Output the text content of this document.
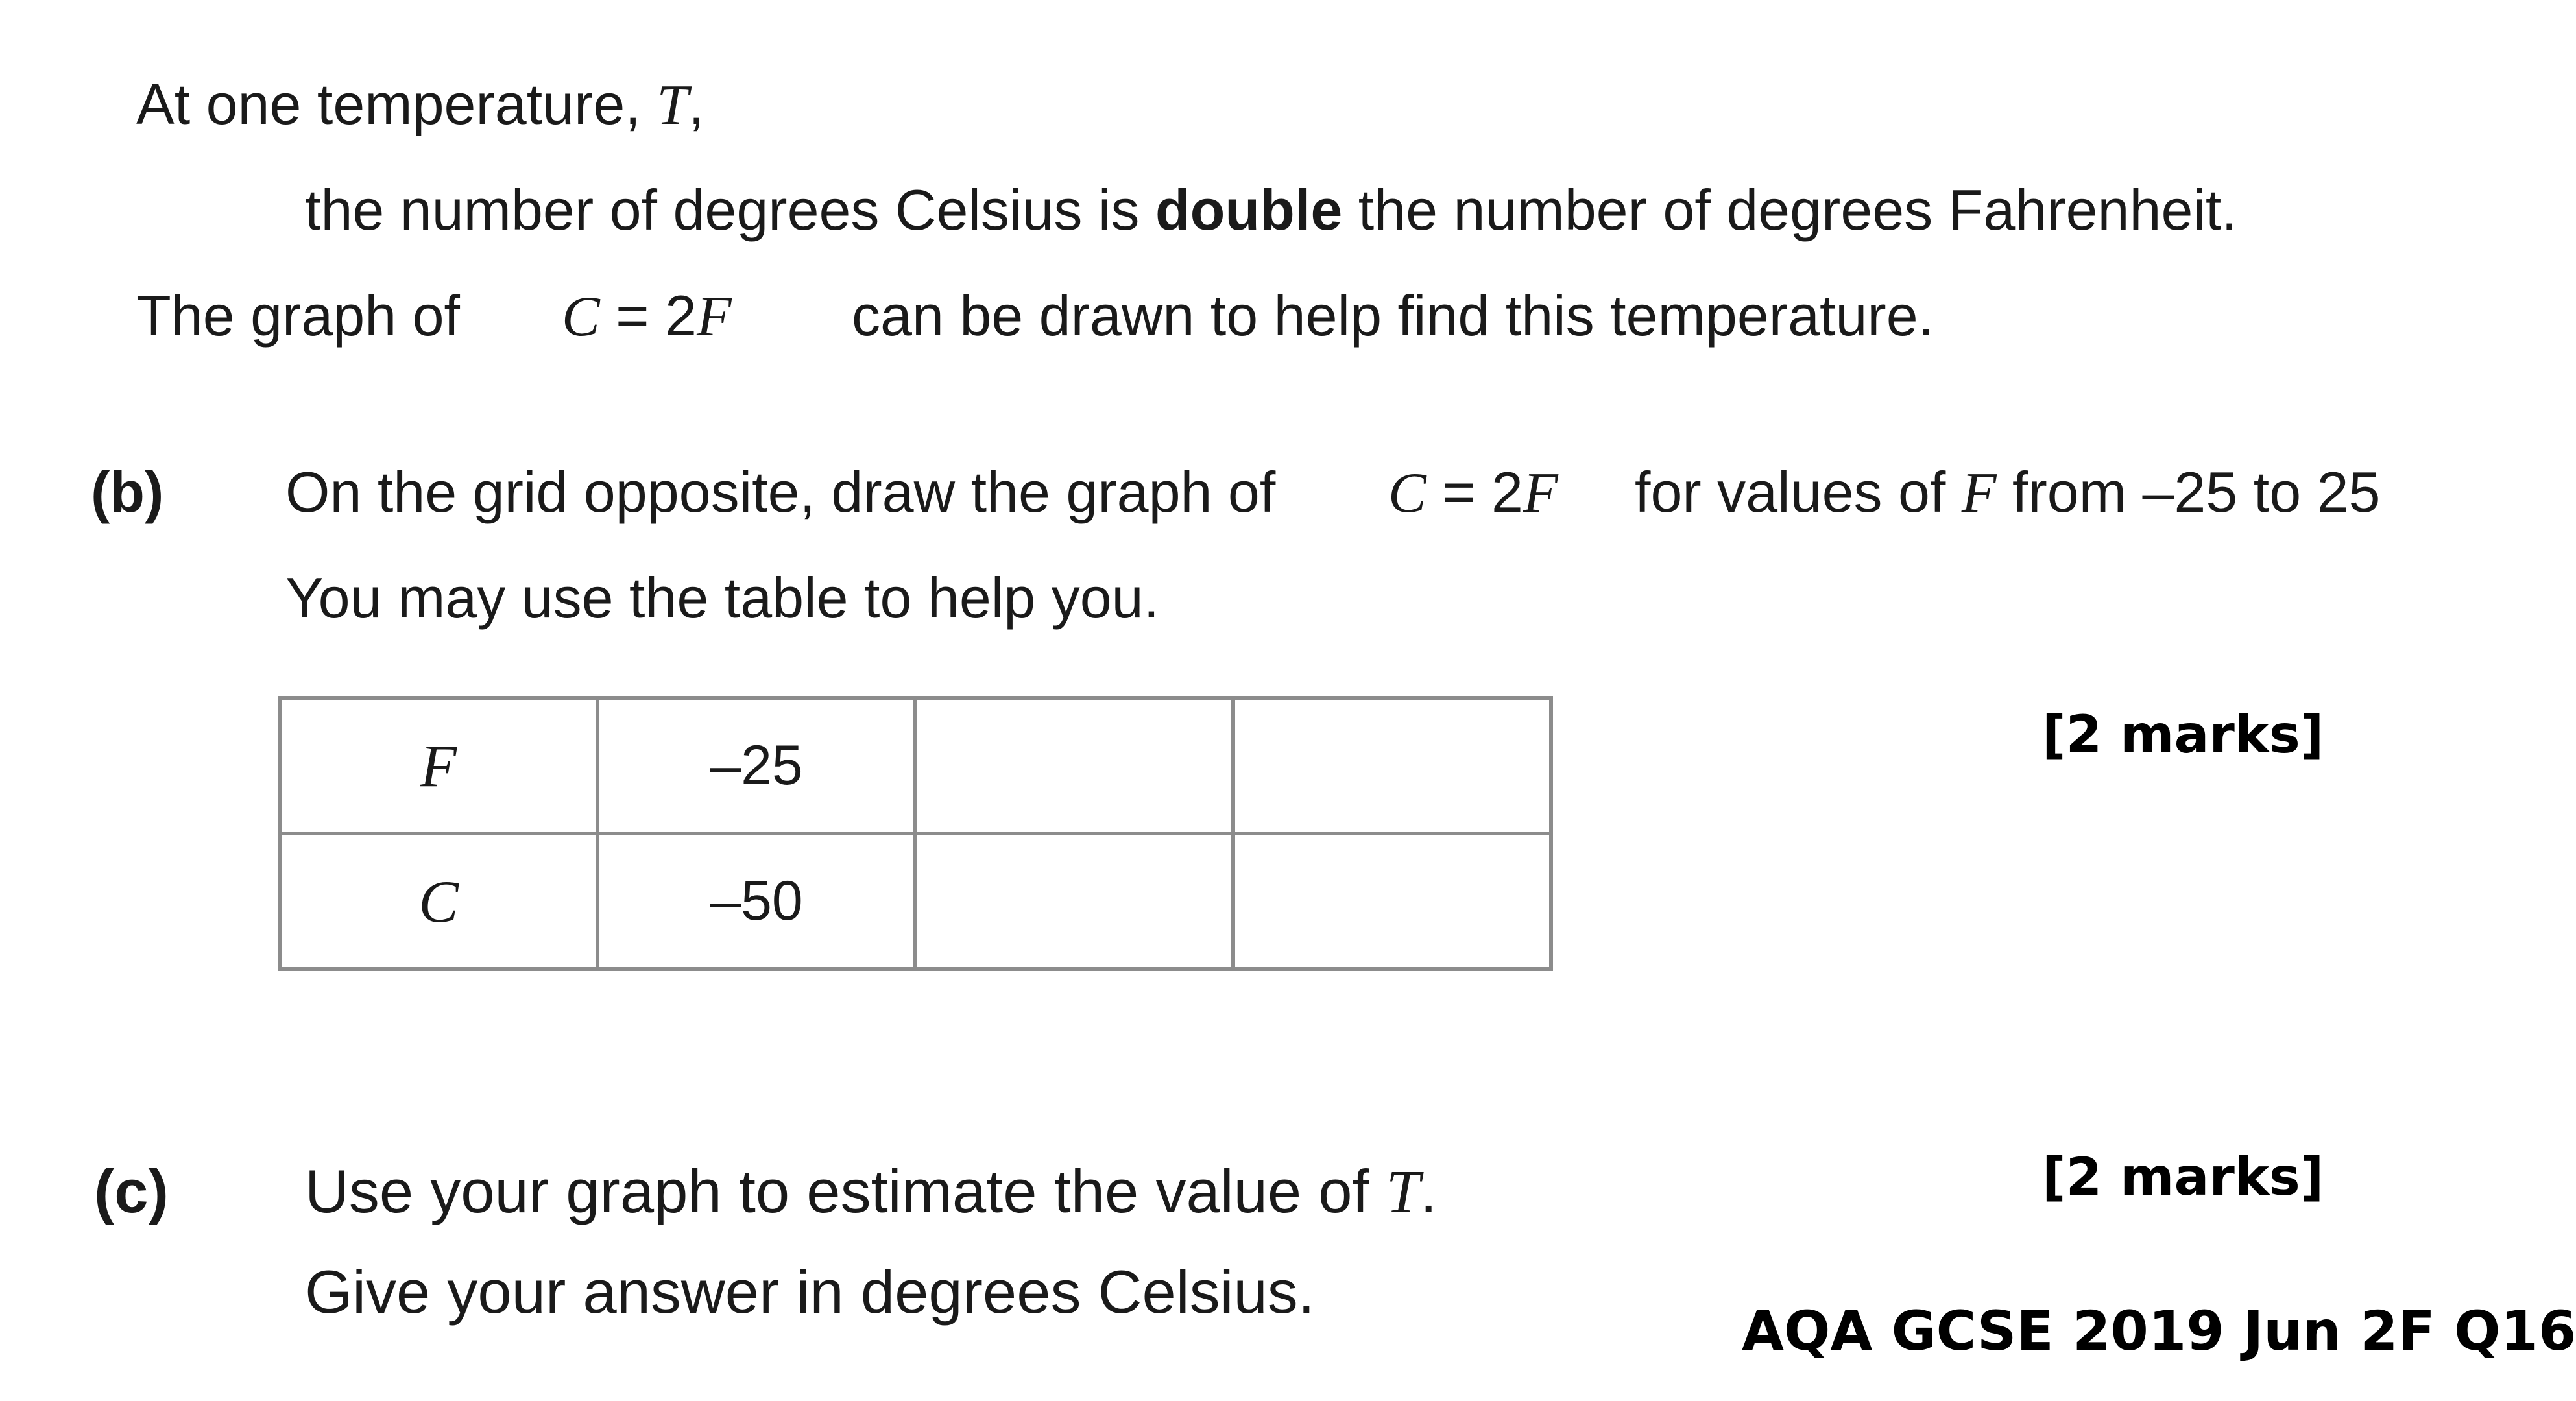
At one temperature, T,
the number of degrees Celsius is double the number of degrees Fahrenheit.
The graph of C = 2F can be drawn to help find this temperature.
(b) On the grid opposite, draw the graph of C = 2F for values of F from –25 to 25
You may use the table to help you.
F	–25		
C	–50		
[2 marks]
(c) Use your graph to estimate the value of T.
Give your answer in degrees Celsius.
[2 marks]
AQA GCSE 2019 Jun 2F Q16
